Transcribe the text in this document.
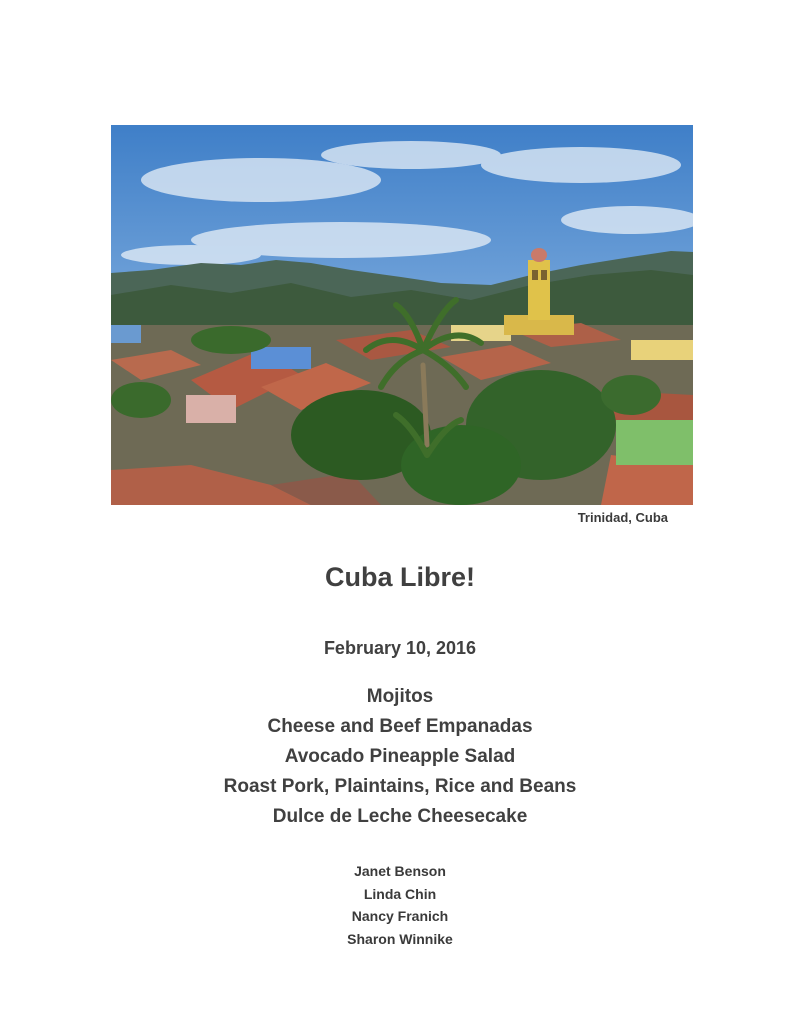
Trinidad, Cuba
Cuba Libre!
February 10, 2016
Mojitos
Cheese and Beef Empanadas
Avocado Pineapple Salad
Roast Pork, Plaintains, Rice and Beans
Dulce de Leche Cheesecake
Janet Benson
Linda Chin
Nancy Franich
Sharon Winnike
